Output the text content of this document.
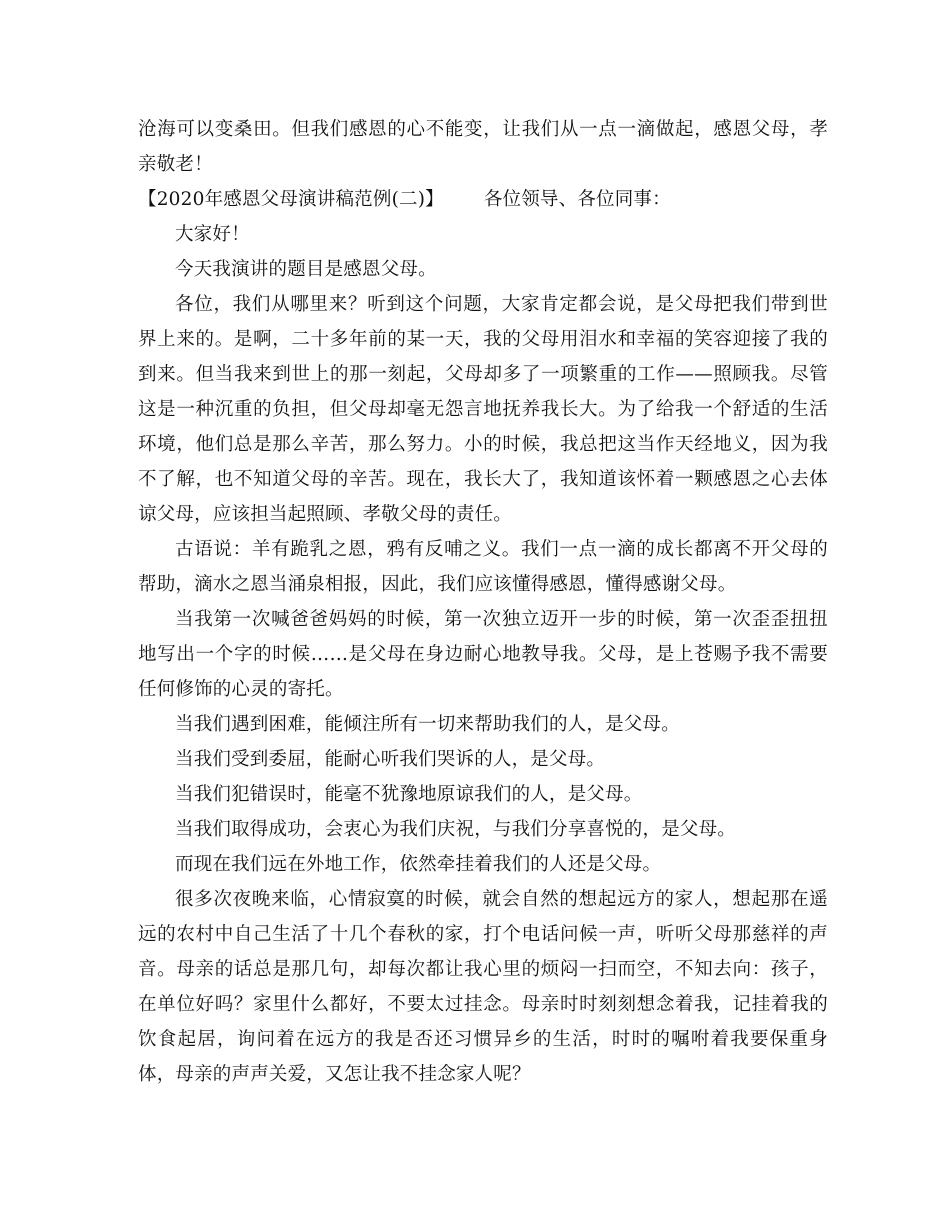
沧海可以变桑田。但我们感恩的心不能变，让我们从一点一滴做起，感恩父母，孝亲敬老！

【2020年感恩父母演讲稿范例(二)】 各位领导、各位同事：

大家好！

今天我演讲的题目是感恩父母。

各位，我们从哪里来？听到这个问题，大家肯定都会说，是父母把我们带到世界上来的。是啊，二十多年前的某一天，我的父母用泪水和幸福的笑容迎接了我的到来。但当我来到世上的那一刻起，父母却多了一项繁重的工作——照顾我。尽管这是一种沉重的负担，但父母却毫无怨言地抚养我长大。为了给我一个舒适的生活环境，他们总是那么辛苦，那么努力。小的时候，我总把这当作天经地义，因为我不了解，也不知道父母的辛苦。现在，我长大了，我知道该怀着一颗感恩之心去体谅父母，应该担当起照顾、孝敬父母的责任。

古语说：羊有跪乳之恩，鸦有反哺之义。我们一点一滴的成长都离不开父母的帮助，滴水之恩当涌泉相报，因此，我们应该懂得感恩，懂得感谢父母。

当我第一次喊爸爸妈妈的时候，第一次独立迈开一步的时候，第一次歪歪扭扭地写出一个字的时候……是父母在身边耐心地教导我。父母，是上苍赐予我不需要任何修饰的心灵的寄托。

当我们遇到困难，能倾注所有一切来帮助我们的人，是父母。

当我们受到委屈，能耐心听我们哭诉的人，是父母。

当我们犯错误时，能毫不犹豫地原谅我们的人，是父母。

当我们取得成功，会衷心为我们庆祝，与我们分享喜悦的，是父母。

而现在我们远在外地工作，依然牵挂着我们的人还是父母。

很多次夜晚来临，心情寂寞的时候，就会自然的想起远方的家人，想起那在遥远的农村中自己生活了十几个春秋的家，打个电话问候一声，听听父母那慈祥的声音。母亲的话总是那几句，却每次都让我心里的烦闷一扫而空，不知去向：孩子，在单位好吗？家里什么都好，不要太过挂念。母亲时时刻刻想念着我，记挂着我的饮食起居，询问着在远方的我是否还习惯异乡的生活，时时的嘱咐着我要保重身体，母亲的声声关爱，又怎让我不挂念家人呢？
